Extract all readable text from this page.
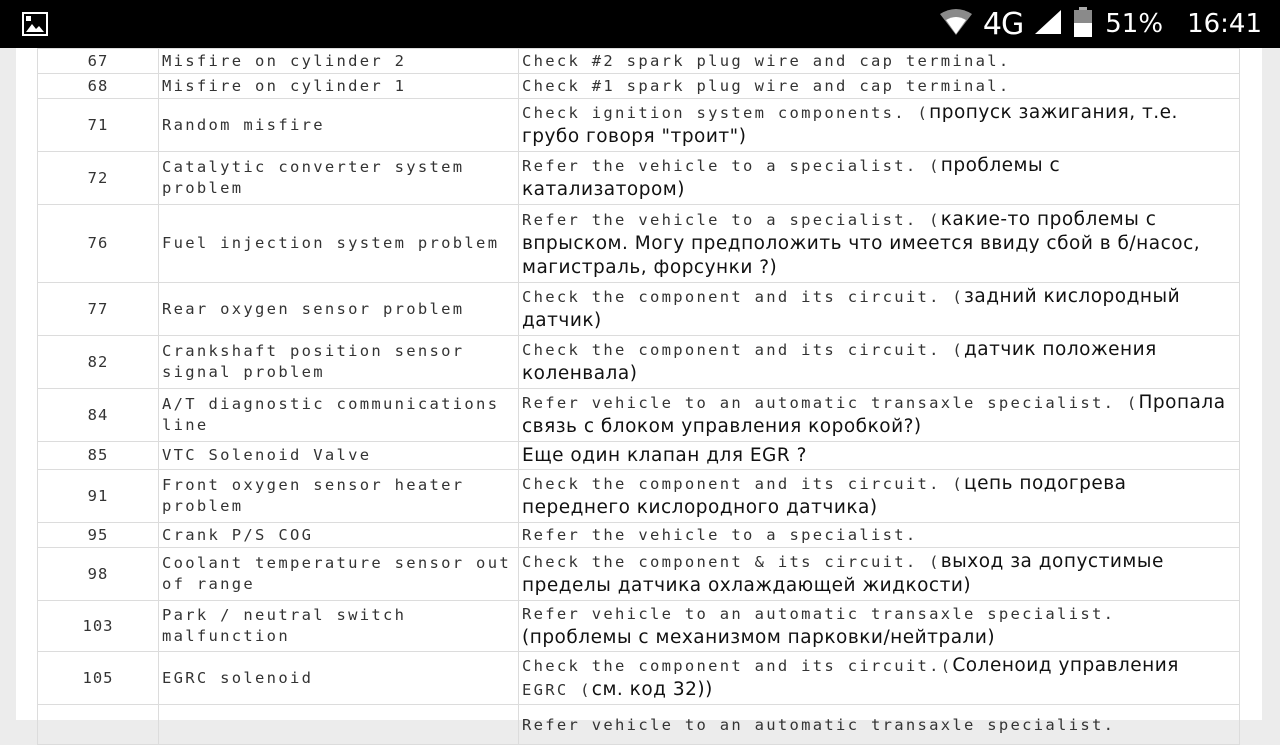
4G	51% 16:41
67	Misfire on cylinder 2	Check #2 spark plug wire and cap terminal.

68	Misfire on cylinder 1	Check #1 spark plug wire and cap terminal.

71	Random misfire	Check ignition system components. (пропуск зажигания, т.е.
грубо говоря "троит")

72	Catalytic converter system problem	Refer the vehicle to a specialist. (проблемы с
катализатором)

76	Fuel injection system problem	Refer the vehicle to a specialist. (какие-то проблемы с
впрыском. Могу предположить что имеется ввиду сбой в б/насос,
магистраль, форсунки ?)

77	Rear oxygen sensor problem	Check the component and its circuit. (задний кислородный
датчик)

82	Crankshaft position sensor signal problem	Check the component and its circuit. (датчик положения
коленвала)

84	A/T diagnostic communications line	Refer vehicle to an automatic transaxle specialist. (Пропала
связь с блоком управления коробкой?)

85	VTC Solenoid Valve	Еще один клапан для EGR ?

91	Front oxygen sensor heater problem	Check the component and its circuit. (цепь подогрева
переднего кислородного датчика)

95	Crank P/S COG	Refer the vehicle to a specialist.

98	Coolant temperature sensor out of range	Check the component & its circuit. (выход за допустимые
пределы датчика охлаждающей жидкости)

103	Park / neutral switch malfunction	Refer vehicle to an automatic transaxle specialist.
(проблемы с механизмом парковки/нейтрали)

105	EGRC solenoid	Check the component and its circuit.(Соленоид управления
EGRC (см. код 32))

		Refer vehicle to an automatic transaxle specialist.
